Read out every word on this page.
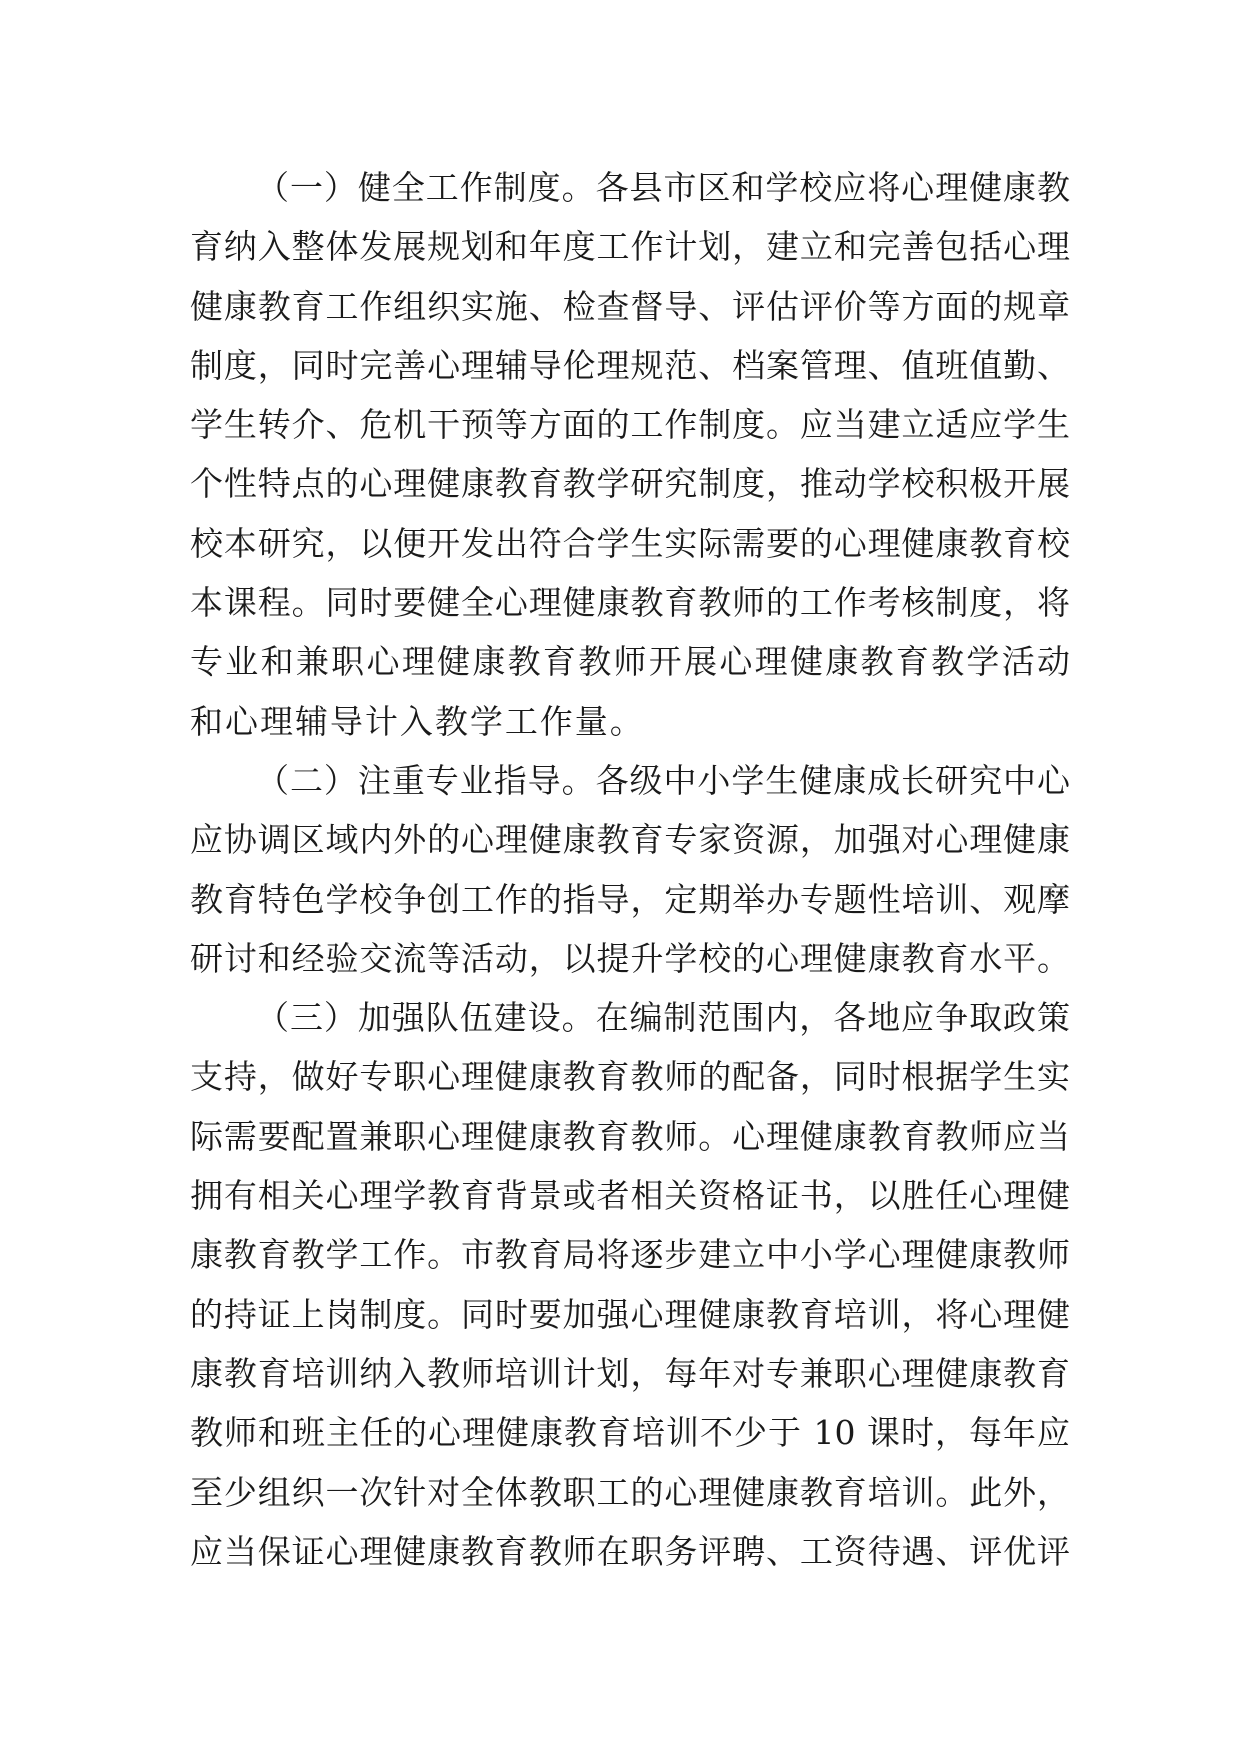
（一）健全工作制度。各县市区和学校应将心理健康教
育纳入整体发展规划和年度工作计划，建立和完善包括心理
健康教育工作组织实施、检查督导、评估评价等方面的规章
制度，同时完善心理辅导伦理规范、档案管理、值班值勤、
学生转介、危机干预等方面的工作制度。应当建立适应学生
个性特点的心理健康教育教学研究制度，推动学校积极开展
校本研究，以便开发出符合学生实际需要的心理健康教育校
本课程。同时要健全心理健康教育教师的工作考核制度，将
专业和兼职心理健康教育教师开展心理健康教育教学活动
和心理辅导计入教学工作量。
（二）注重专业指导。各级中小学生健康成长研究中心
应协调区域内外的心理健康教育专家资源，加强对心理健康
教育特色学校争创工作的指导，定期举办专题性培训、观摩
研讨和经验交流等活动，以提升学校的心理健康教育水平。
（三）加强队伍建设。在编制范围内，各地应争取政策
支持，做好专职心理健康教育教师的配备，同时根据学生实
际需要配置兼职心理健康教育教师。心理健康教育教师应当
拥有相关心理学教育背景或者相关资格证书，以胜任心理健
康教育教学工作。市教育局将逐步建立中小学心理健康教师
的持证上岗制度。同时要加强心理健康教育培训，将心理健
康教育培训纳入教师培训计划，每年对专兼职心理健康教育
教师和班主任的心理健康教育培训不少于 10 课时，每年应
至少组织一次针对全体教职工的心理健康教育培训。此外，
应当保证心理健康教育教师在职务评聘、工资待遇、评优评
